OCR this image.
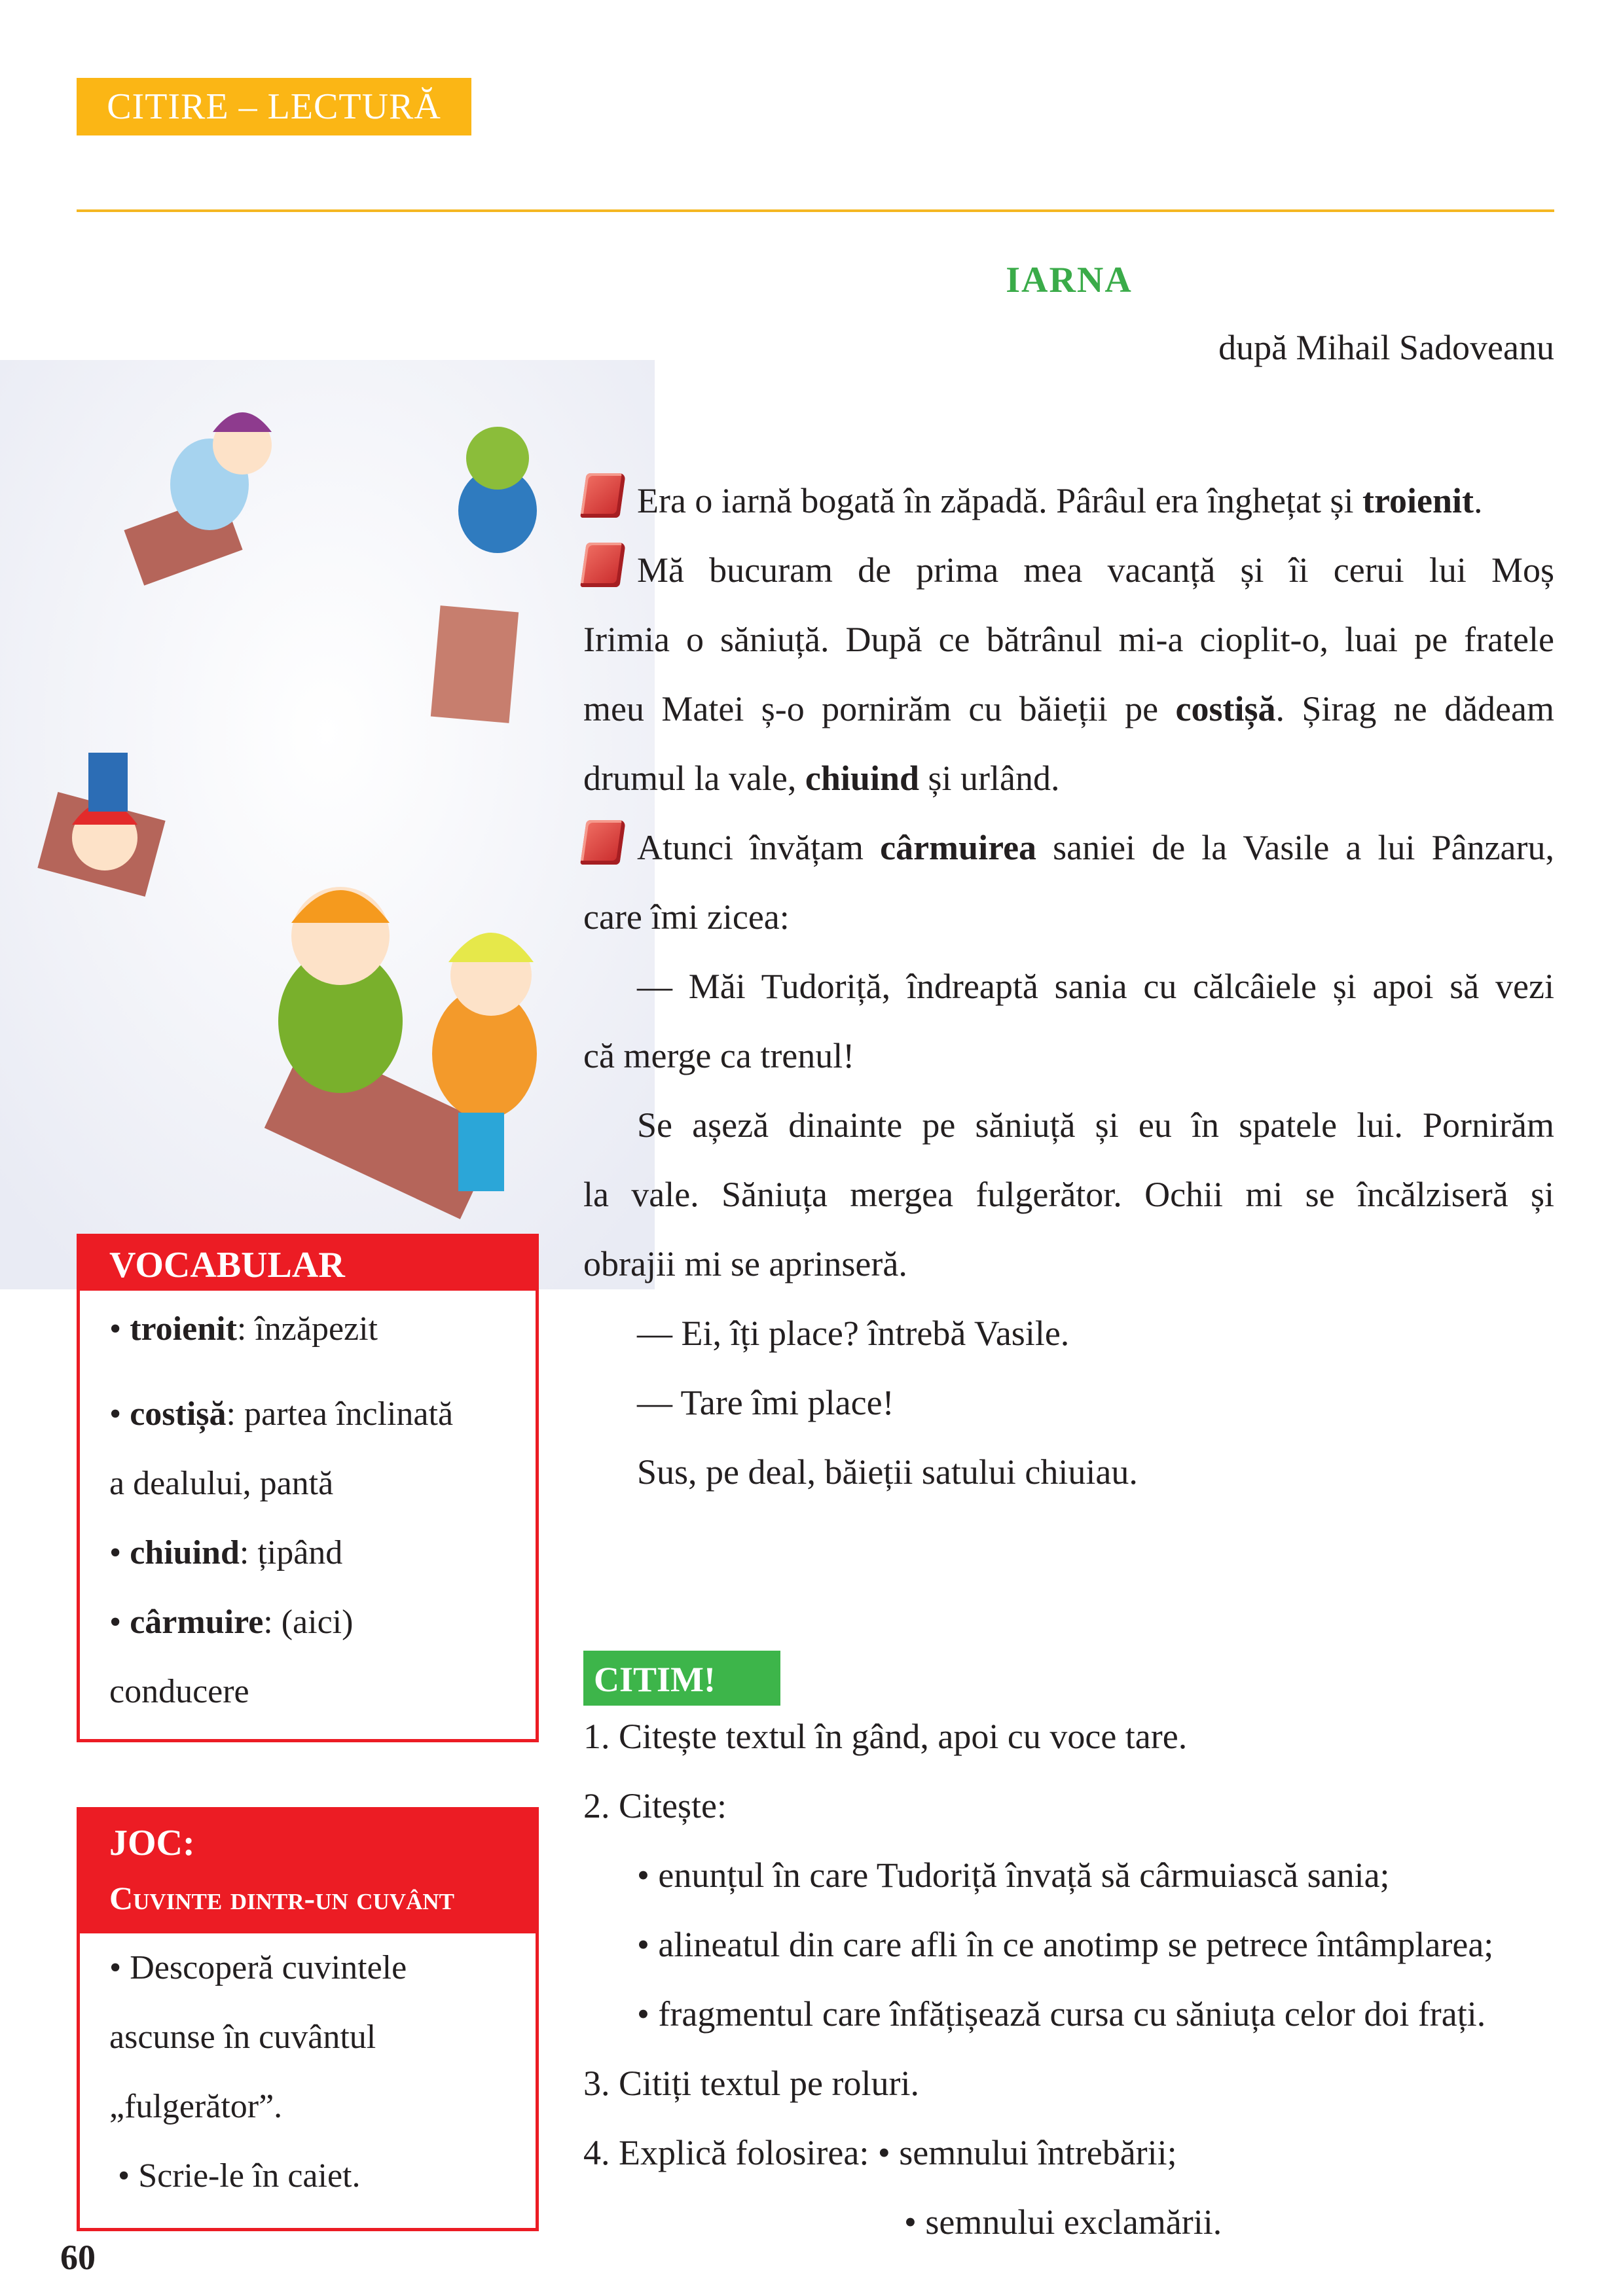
CITIRE – LECTURĂ
IARNA
după Mihail Sadoveanu
Era o iarnă bogată în zăpadă. Pârâul era înghețat și troienit.
Mă bucuram de prima mea vacanță și îi cerui lui Moș
Irimia o săniuță. După ce bătrânul mi-a cioplit-o, luai pe fratele
meu Matei ș-o pornirăm cu băieții pe costișă. Șirag ne dădeam
drumul la vale, chiuind și urlând.
Atunci învățam cârmuirea saniei de la Vasile a lui Pânzaru,
care îmi zicea:
— Măi Tudoriță, îndreaptă sania cu călcâiele și apoi să vezi
că merge ca trenul!
Se așeză dinainte pe săniuță și eu în spatele lui. Pornirăm
la vale. Săniuța mergea fulgerător. Ochii mi se încălziseră și
obrajii mi se aprinseră.
— Ei, îți place? întrebă Vasile.
— Tare îmi place!
Sus, pe deal, băieții satului chiuiau.
CITIM!
1. Citește textul în gând, apoi cu voce tare.
2. Citește:
• enunțul în care Tudoriță învață să cârmuiască sania;
• alineatul din care afli în ce anotimp se petrece întâmplarea;
• fragmentul care înfățișează cursa cu săniuța celor doi frați.
3. Citiți textul pe roluri.
4. Explică folosirea: • semnului întrebării;
• semnului exclamării.
VOCABULAR
• troienit: înzăpezit
• costișă: partea înclinată
a dealului, pantă
• chiuind: țipând
• cârmuire: (aici)
conducere
JOC:
Cuvinte dintr-un cuvânt
• Descoperă cuvintele
ascunse în cuvântul
„fulgerător”.
• Scrie-le în caiet.
60
